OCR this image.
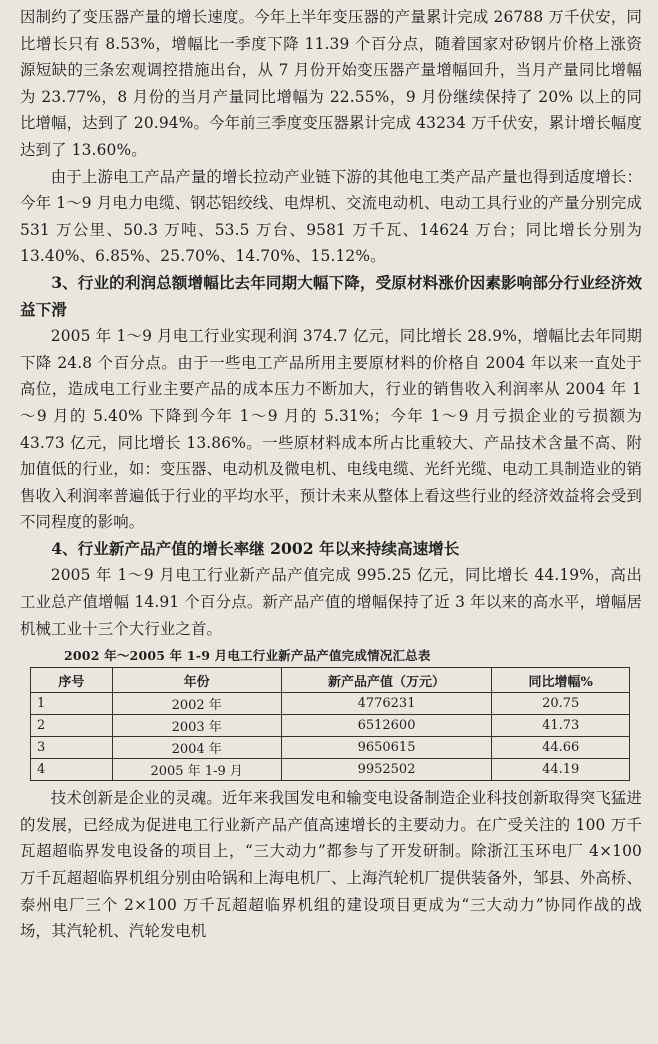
因制约了变压器产量的增长速度。今年上半年变压器的产量累计完成 26788 万千伏安，同比增长只有 8.53%，增幅比一季度下降 11.39 个百分点，随着国家对矽钢片价格上涨资源短缺的三条宏观调控措施出台，从 7 月份开始变压器产量增幅回升，当月产量同比增幅为 23.77%，8 月份的当月产量同比增幅为 22.55%，9 月份继续保持了 20% 以上的同比增幅，达到了 20.94%。今年前三季度变压器累计完成 43234 万千伏安，累计增长幅度达到了 13.60%。

由于上游电工产品产量的增长拉动产业链下游的其他电工类产品产量也得到适度增长：今年 1～9 月电力电缆、钢芯铝绞线、电焊机、交流电动机、电动工具行业的产量分别完成 531 万公里、50.3 万吨、53.5 万台、9581 万千瓦、14624 万台；同比增长分别为 13.40%、6.85%、25.70%、14.70%、15.12%。

3、行业的利润总额增幅比去年同期大幅下降，受原材料涨价因素影响部分行业经济效益下滑

2005 年 1～9 月电工行业实现利润 374.7 亿元，同比增长 28.9%，增幅比去年同期下降 24.8 个百分点。由于一些电工产品所用主要原材料的价格自 2004 年以来一直处于高位，造成电工行业主要产品的成本压力不断加大，行业的销售收入利润率从 2004 年 1～9 月的 5.40% 下降到今年 1～9 月的 5.31%；今年 1～9 月亏损企业的亏损额为 43.73 亿元，同比增长 13.86%。一些原材料成本所占比重较大、产品技术含量不高、附加值低的行业，如：变压器、电动机及微电机、电线电缆、光纤光缆、电动工具制造业的销售收入利润率普遍低于行业的平均水平，预计未来从整体上看这些行业的经济效益将会受到不同程度的影响。

4、行业新产品产值的增长率继 2002 年以来持续高速增长

2005 年 1～9 月电工行业新产品产值完成 995.25 亿元，同比增长 44.19%，高出工业总产值增幅 14.91 个百分点。新产品产值的增幅保持了近 3 年以来的高水平，增幅居机械工业十三个大行业之首。

2002 年～2005 年 1-9 月电工行业新产品产值完成情况汇总表
序号	年份	新产品产值（万元）	同比增幅%
1	2002 年	4776231	20.75
2	2003 年	6512600	41.73
3	2004 年	9650615	44.66
4	2005 年 1-9 月	9952502	44.19

技术创新是企业的灵魂。近年来我国发电和输变电设备制造企业科技创新取得突飞猛进的发展，已经成为促进电工行业新产品产值高速增长的主要动力。在广受关注的 100 万千瓦超超临界发电设备的项目上，“三大动力”都参与了开发研制。除浙江玉环电厂 4×100 万千瓦超超临界机组分别由哈锅和上海电机厂、上海汽轮机厂提供装备外，邹县、外高桥、泰州电厂三个 2×100 万千瓦超超临界机组的建设项目更成为“三大动力”协同作战的战场，其汽轮机、汽轮发电机
